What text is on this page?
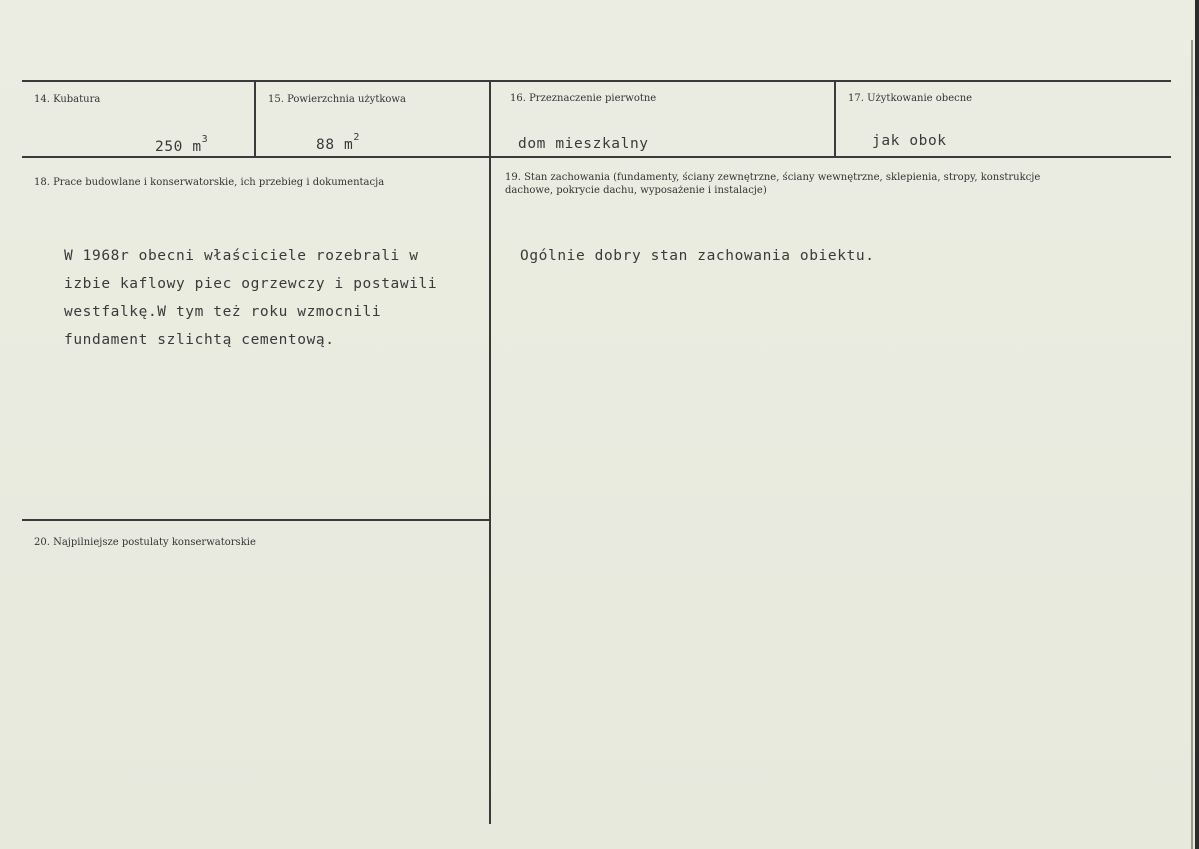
14. Kubatura
250 $m^3$
15. Powierzchnia użytkowa
88 $m^2$
16. Przeznaczenie pierwotne
dom mieszkalny
17. Użytkowanie obecne
jak obok
18. Prace budowlane i konserwatorskie, ich przebieg i dokumentacja
W 1968r obecni właściciele rozebrali w
izbie kaflowy piec ogrzewczy i postawili
westfalkę.W tym też roku wzmocnili
fundament szlichtą cementową.
19. Stan zachowania (fundamenty, ściany zewnętrzne, ściany wewnętrzne, sklepienia, stropy, konstrukcje dachowe, pokrycie dachu, wyposażenie i instalacje)
Ogólnie dobry stan zachowania obiektu.
20. Najpilniejsze postulaty konserwatorskie
